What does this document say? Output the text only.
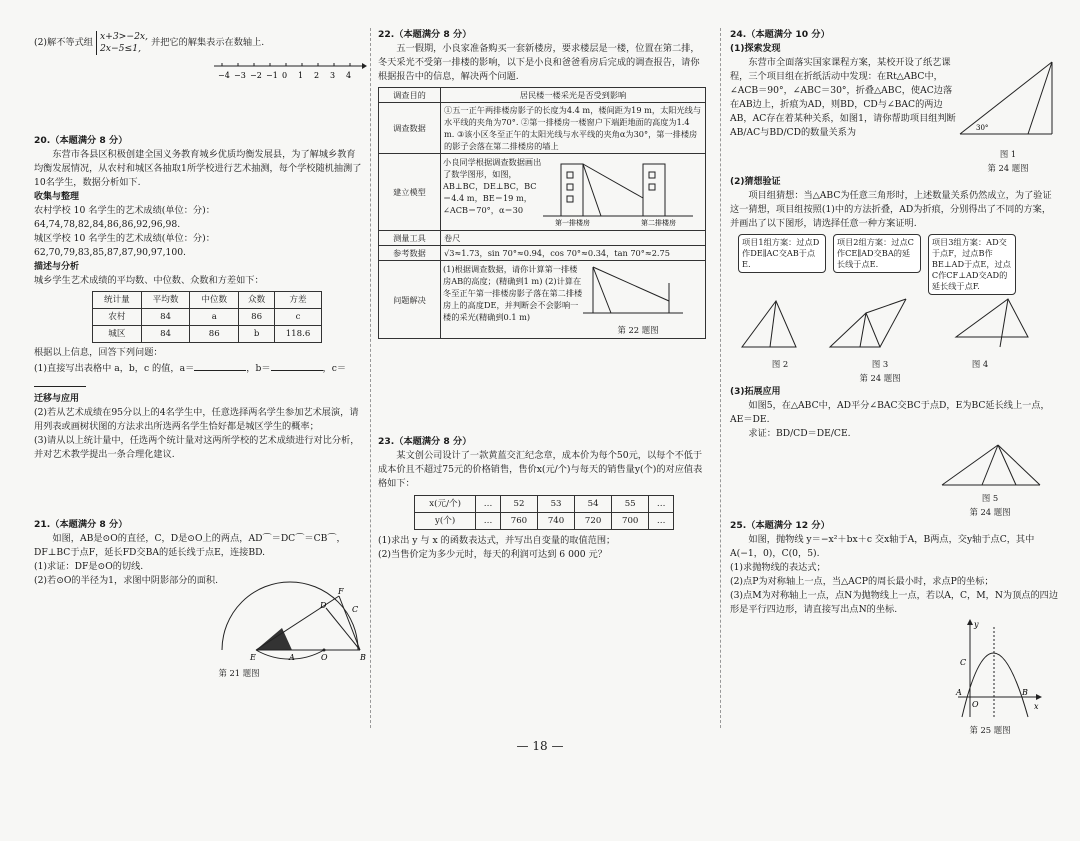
(2)解不等式组
x+3>−2x,
2x−5≤1,
并把它的解集表示在数轴上.
−4 −3 −2 −1 0 1 2 3 4

20.（本题满分 8 分）

东营市各县区积极创建全国义务教育城乡优质均衡发展县，为了解城乡教育均衡发展情况，从农村和城区各抽取1所学校进行艺术抽测，每个学校随机抽测了10名学生，数据分析如下.

收集与整理

农村学校 10 名学生的艺术成绩(单位：分)：

64,74,78,82,84,86,86,92,96,98.

城区学校 10 名学生的艺术成绩(单位：分)：

62,70,79,83,85,87,87,90,97,100.

描述与分析

城乡学生艺术成绩的平均数、中位数、众数和方差如下：

统计量	平均数	中位数	众数	方差
农村	84	a	86	c
城区	84	86	b	118.6

根据以上信息，回答下列问题：

(1)直接写出表格中 a，b，c 的值，a＝	，b＝	，c＝

迁移与应用

(2)若从艺术成绩在95分以上的4名学生中，任意选择两名学生参加艺术展演，请用列表或画树状图的方法求出所选两名学生恰好都是城区学生的概率；

(3)请从以上统计量中，任选两个统计量对这两所学校的艺术成绩进行对比分析，并对艺术教学提出一条合理化建议.

21.（本题满分 8 分）

如图，AB是⊙O的直径，C，D是⊙O上的两点，AD⌒＝DC⌒＝CB⌒，

DF⊥BC于点F，延长FD交BA的延长线于点E，连接BD.

(1)求证：DF是⊙O的切线.

(2)若⊙O的半径为1，求图中阴影部分的面积.

E	A	O	B
C
D
F

第 21 题图

22.（本题满分 8 分）

五一假期，小良家准备购买一套新楼房，要求楼层是一楼，位置在第二排，冬天采光不受第一排楼的影响，以下是小良和爸爸看房后完成的调查报告，请你根据报告中的信息，解决两个问题.

调查目的	居民楼一楼采光是否受到影响
调查数据	①五一正午两排楼房影子的长度为4.4 m，楼间距为19 m，太阳光线与水平线的夹角为70°. ②第一排楼房一楼窗户下端距地面的高度为1.4 m. ③该小区冬至正午的太阳光线与水平线的夹角α为30°，第一排楼房的影子会落在第二排楼房的墙上
建立模型	小良同学根据调查数据画出了数学图形，如图，AB⊥BC，DE⊥BC，BC＝4.4 m，BE＝19 m，∠ACB＝70°，α＝30
第一排楼房 第二排楼房

测量工具	卷尺
参考数据	√3≈1.73，sin 70°≈0.94，cos 70°≈0.34，tan 70°≈2.75
问题解决	(1)根据调查数据，请你计算第一排楼房AB的高度；(精确到1 m) (2)计算在冬至正午第一排楼房影子落在第二排楼房上的高度DE，并判断会不会影响一楼的采光(精确到0.1 m)

第 22 题图

23.（本题满分 8 分）

某文创公司设计了一款黄蓝交汇纪念章，成本价为每个50元，以每个不低于成本价且不超过75元的价格销售，售价x(元/个)与每天的销售量y(个)的对应值表格如下：

x(元/个)	…	52	53	54	55	…
y(个)	…	760	740	720	700	…

(1)求出 y 与 x 的函数表达式，并写出自变量的取值范围；

(2)当售价定为多少元时，每天的利润可达到 6 000 元？

24.（本题满分 10 分）

(1)探索发现

东营市全面落实国家课程方案，某校开设了纸艺课程，三个项目组在折纸活动中发现：在Rt△ABC中，∠ACB＝90°，∠ABC＝30°，折叠△ABC，使AC边落在AB边上，折痕为AD，则BD，CD与∠BAC的两边AB，AC存在着某种关系，如图1，请你帮助项目组判断AB/AC与BD/CD的数量关系为	30°

图 1

第 24 题图

(2)猜想验证

项目组猜想：当△ABC为任意三角形时，上述数量关系仍然成立，为了验证这一猜想，项目组按照(1)中的方法折叠，AD为折痕，分别得出了不同的方案，并画出了以下图形，请选择任意一种方案证明.

项目1组方案：过点D作DE∥AC交AB于点E. 项目2组方案：过点C作CE∥AD交BA的延长线于点E. 项目3组方案：AD交于点F，过点B作BE⊥AD于点E，过点C作CF⊥AD交AD的延长线于点F.
图 2	图 3	图 4

第 24 题图

(3)拓展应用

如图5，在△ABC中，AD平分∠BAC交BC于点D，E为BC延长线上一点，AE＝DE.

求证：BD/CD＝DE/CE.

图 5

第 24 题图

25.（本题满分 12 分）

如图，抛物线 y＝−x²＋bx＋c 交x轴于A，B两点，交y轴于点C，其中A(−1，0)，C(0，5).

(1)求抛物线的表达式；

(2)点P为对称轴上一点，当△ACP的周长最小时，求点P的坐标；

(3)点M为对称轴上一点，点N为抛物线上一点，若以A，C，M，N为顶点的四边形是平行四边形，请直接写出点N的坐标.

y
x
C
A
O
B

第 25 题图

— 18 —
